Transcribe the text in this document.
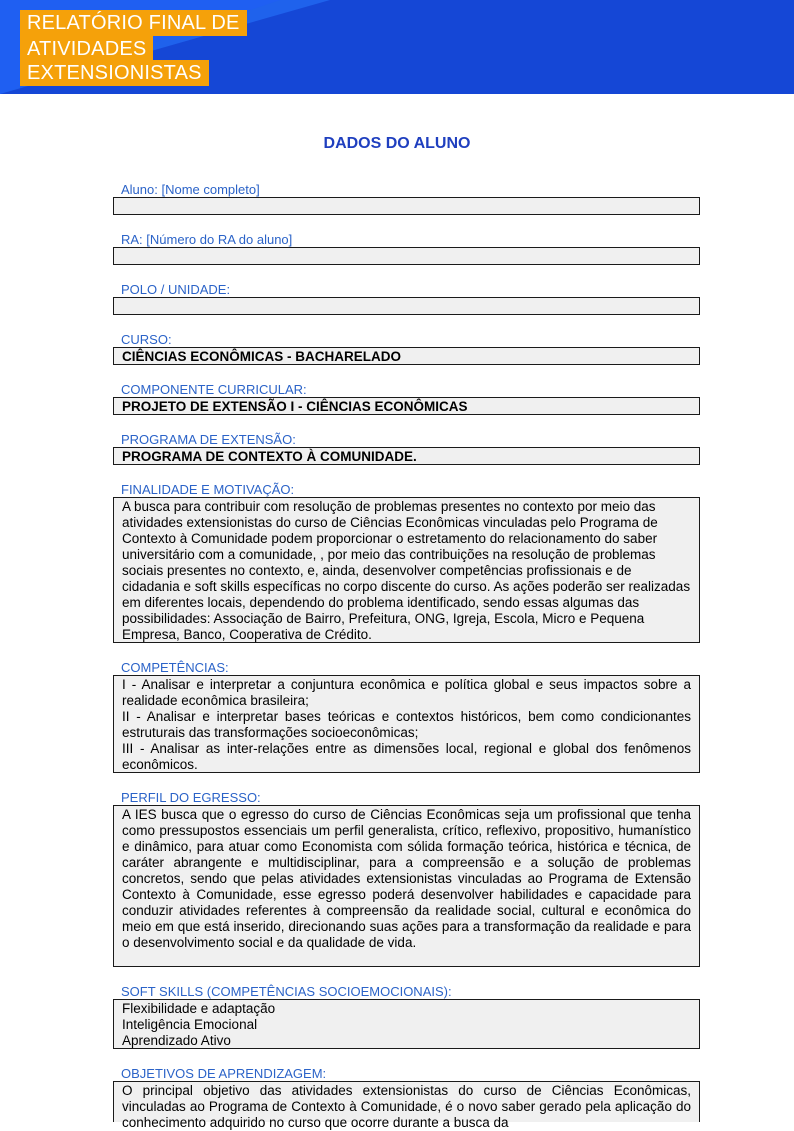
RELATÓRIO FINAL DE
ATIVIDADES
EXTENSIONISTAS
DADOS DO ALUNO
Aluno: [Nome completo]
RA: [Número do RA do aluno]
POLO / UNIDADE:
CURSO:
CIÊNCIAS ECONÔMICAS - BACHARELADO
COMPONENTE CURRICULAR:
PROJETO DE EXTENSÃO I - CIÊNCIAS ECONÔMICAS
PROGRAMA DE EXTENSÃO:
PROGRAMA DE CONTEXTO À COMUNIDADE.
FINALIDADE E MOTIVAÇÃO:
A busca para contribuir com resolução de problemas presentes no contexto por meio das atividades extensionistas do curso de Ciências Econômicas vinculadas pelo Programa de Contexto à Comunidade podem proporcionar o estretamento do relacionamento do saber universitário com a comunidade, , por meio das contribuições na resolução de problemas sociais presentes no contexto, e, ainda, desenvolver competências profissionais e de cidadania e soft skills específicas no corpo discente do curso. As ações poderão ser realizadas em diferentes locais, dependendo do problema identificado, sendo essas algumas das possibilidades: Associação de Bairro, Prefeitura, ONG, Igreja, Escola, Micro e Pequena Empresa, Banco, Cooperativa de Crédito.
COMPETÊNCIAS:
I - Analisar e interpretar a conjuntura econômica e política global e seus impactos sobre a realidade econômica brasileira;
II - Analisar e interpretar bases teóricas e contextos históricos, bem como condicionantes estruturais das transformações socioeconômicas;
III - Analisar as inter-relações entre as dimensões local, regional e global dos fenômenos econômicos.
PERFIL DO EGRESSO:
A IES busca que o egresso do curso de Ciências Econômicas seja um profissional que tenha como pressupostos essenciais um perfil generalista, crítico, reflexivo, propositivo, humanístico e dinâmico, para atuar como Economista com sólida formação teórica, histórica e técnica, de caráter abrangente e multidisciplinar, para a compreensão e a solução de problemas concretos, sendo que pelas atividades extensionistas vinculadas ao Programa de Extensão Contexto à Comunidade, esse egresso poderá desenvolver habilidades e capacidade para conduzir atividades referentes à compreensão da realidade social, cultural e econômica do meio em que está inserido, direcionando suas ações para a transformação da realidade e para o desenvolvimento social e da qualidade de vida.
SOFT SKILLS (COMPETÊNCIAS SOCIOEMOCIONAIS):
Flexibilidade e adaptação
Inteligência Emocional
Aprendizado Ativo
OBJETIVOS DE APRENDIZAGEM:
O principal objetivo das atividades extensionistas do curso de Ciências Econômicas, vinculadas ao Programa de Contexto à Comunidade, é o novo saber gerado pela aplicação do conhecimento adquirido no curso que ocorre durante a busca da
